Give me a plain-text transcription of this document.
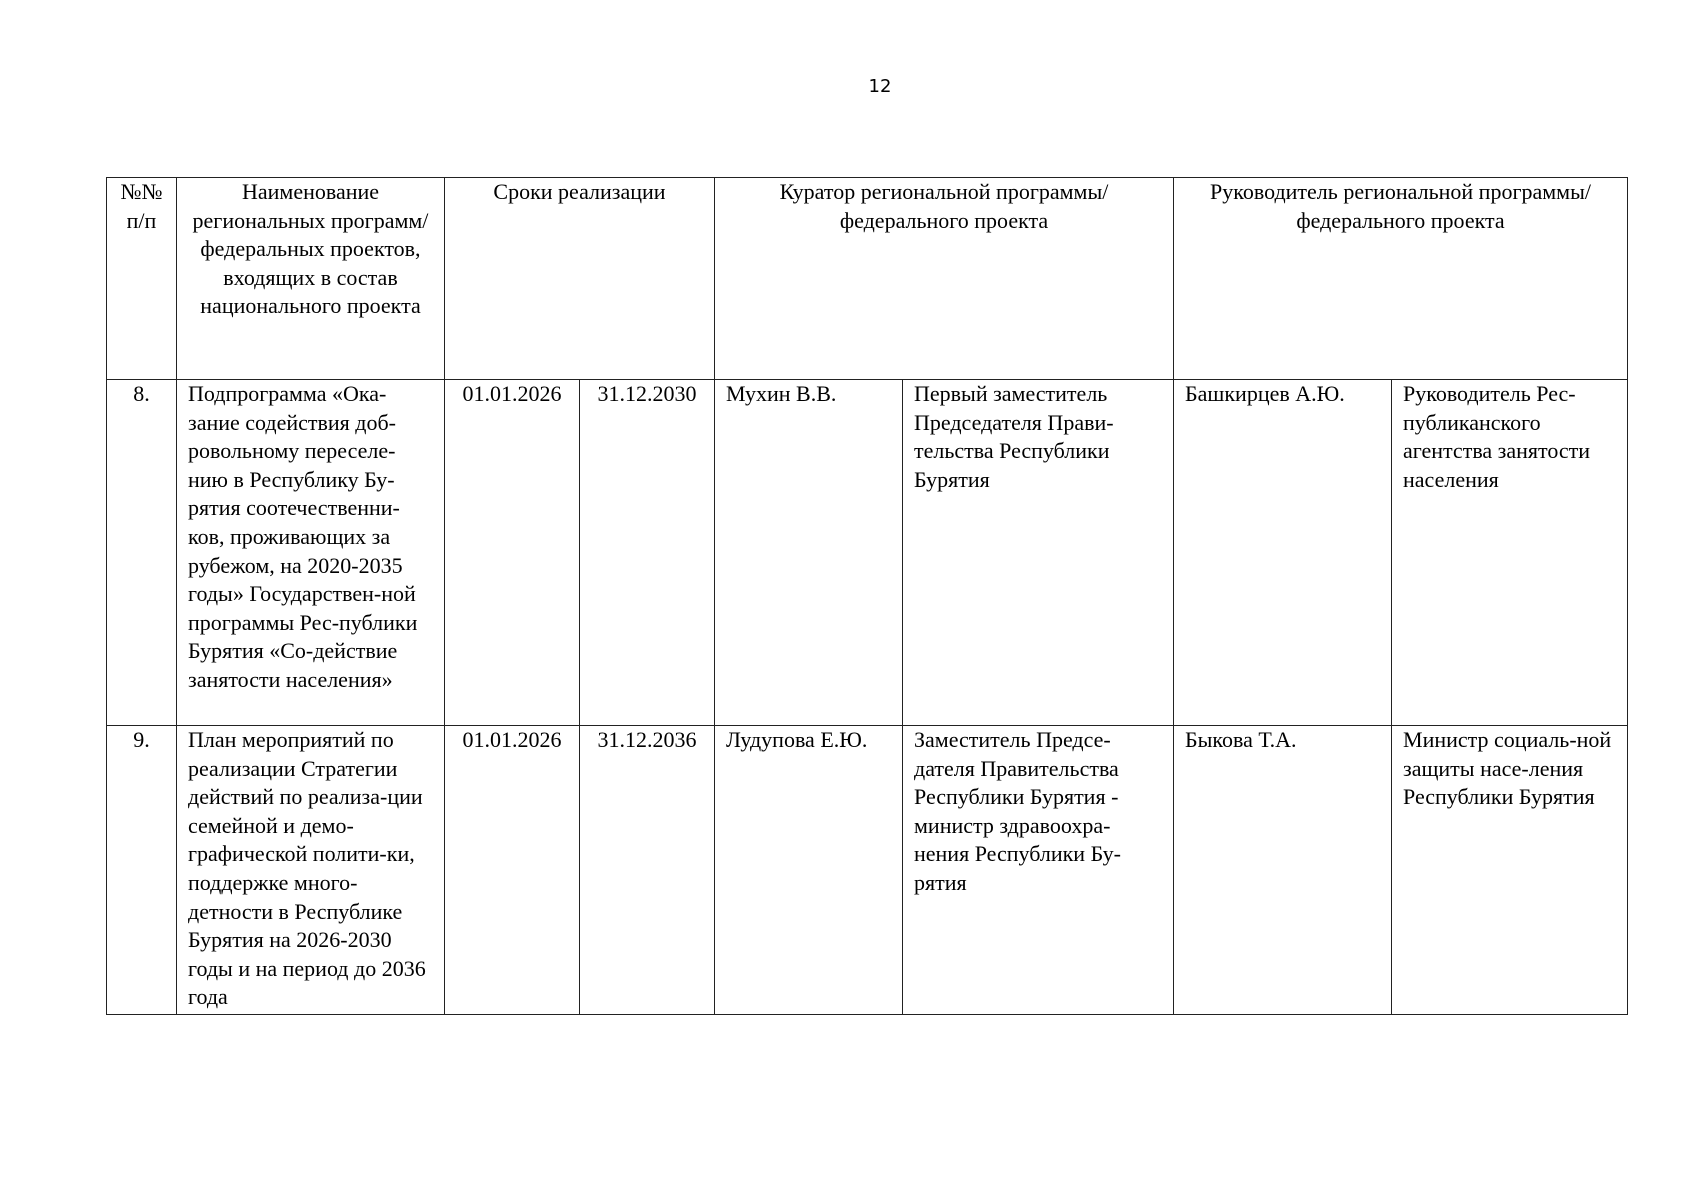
12
№№ п/п	Наименование региональных программ/ федеральных проектов, входящих в состав национального проекта	Сроки реализации		Куратор региональной программы/федерального проекта		Руководитель региональной программы/федерального проекта	
8.	Подпрограмма «Ока-зание содействия доб-ровольному переселе-нию в Республику Бу-рятия соотечественни-ков, проживающих за рубежом, на 2020-2035 годы» Государствен-ной программы Рес-публики Бурятия «Со-действие занятости населения»	01.01.2026	31.12.2030	Мухин В.В.	Первый заместитель Председателя Прави-тельства Республики Бурятия	Башкирцев А.Ю.	Руководитель Рес-публиканского агентства занятости населения
9.	План мероприятий по реализации Стратегии действий по реализа-ции семейной и демо-графической полити-ки, поддержке много-детности в Республике Бурятия на 2026-2030 годы и на период до 2036 года	01.01.2026	31.12.2036	Лудупова Е.Ю.	Заместитель Предсе-дателя Правительства Республики Бурятия - министр здравоохра-нения Республики Бу-рятия	Быкова Т.А.	Министр социаль-ной защиты насе-ления Республики Бурятия
